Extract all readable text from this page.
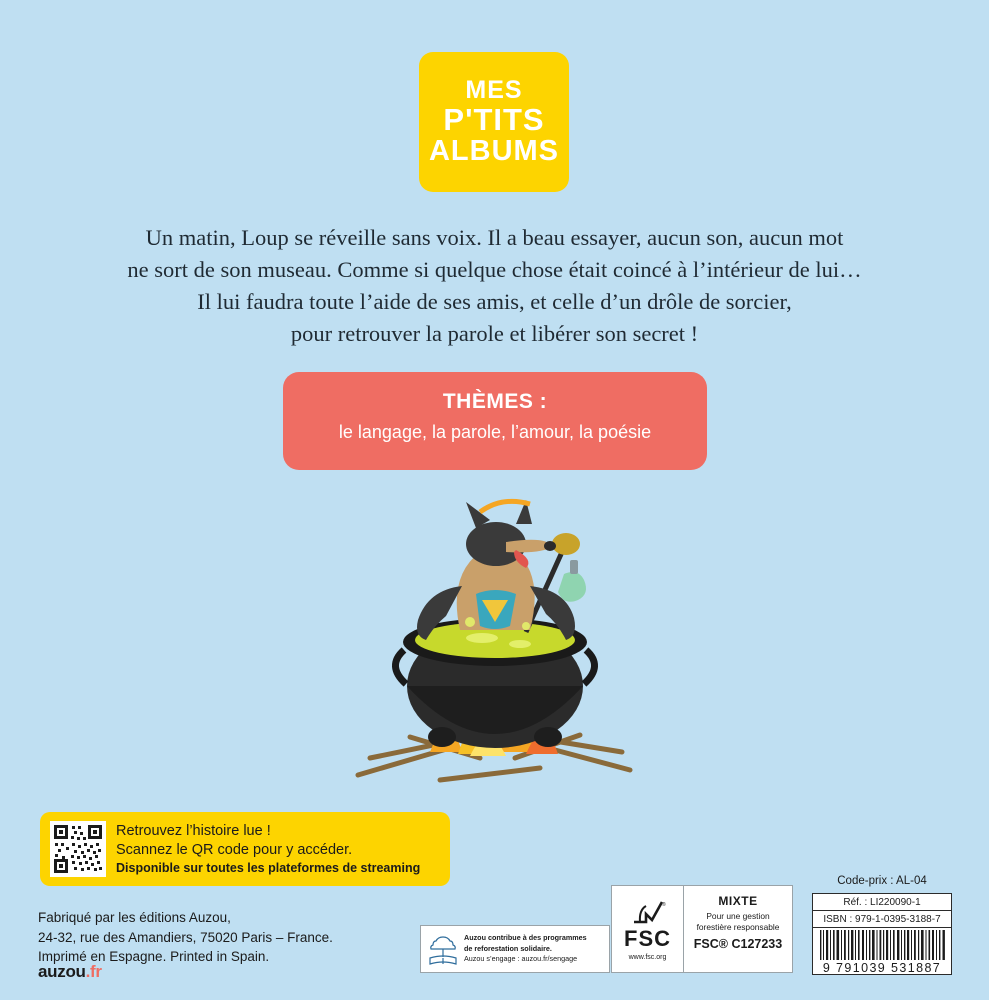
MES
P'TITS
ALBUMS

Un matin, Loup se réveille sans voix. Il a beau essayer, aucun son, aucun mot

ne sort de son museau. Comme si quelque chose était coincé à l’intérieur de lui…

Il lui faudra toute l’aide de ses amis, et celle d’un drôle de sorcier,

pour retrouver la parole et libérer son secret !

THÈMES :
le langage, la parole, l’amour, la poésie
Retrouvez l’histoire lue !
Scannez le QR code pour y accéder.
Disponible sur toutes les plateformes de streaming
Fabriqué par les éditions Auzou,
24-32, rue des Amandiers, 75020 Paris – France.
Imprimé en Espagne. Printed in Spain.
auzou.fr
Auzou contribue à des programmes
de reforestation solidaire.
Auzou s’engage : auzou.fr/sengage
®
FSC
www.fsc.org
MIXTE
Pour une gestion
forestière responsable
FSC® C127233
Code-prix : AL-04
Réf. : LI220090-1
ISBN : 979-1-0395-3188-7
9 791039 531887
